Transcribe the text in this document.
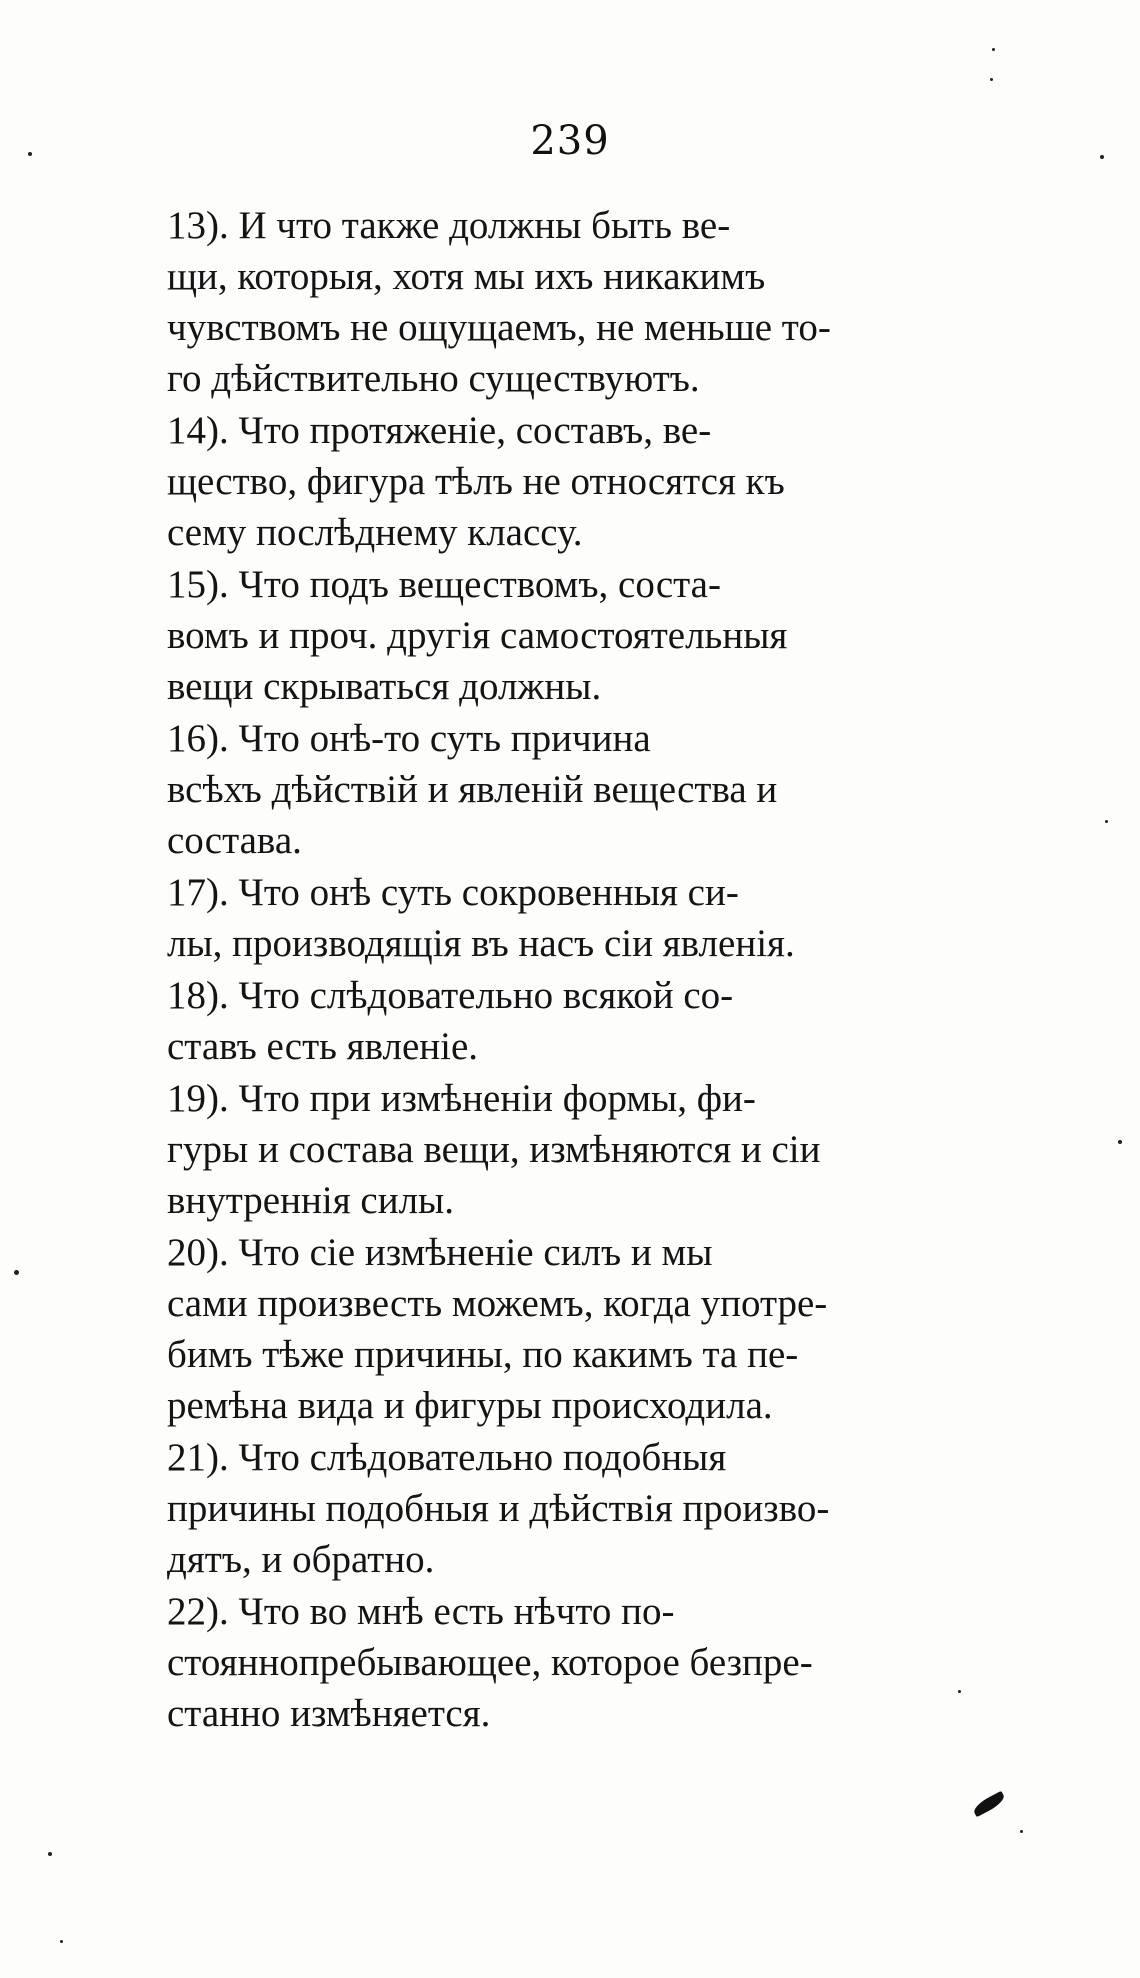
239

13). И что также должны быть ве-
щи, которыя, хотя мы ихъ никакимъ
чувствомъ не ощущаемъ, не меньше то-
го дѣйствительно существуютъ.

14). Что протяженіе, составъ, ве-
щество, фигура тѣлъ не относятся къ
сему послѣднему классу.

15). Что подъ веществомъ, соста-
вомъ и проч. другія самостоятельныя
вещи скрываться должны.

16). Что онѣ-то суть причина
всѣхъ дѣйствій и явленій вещества и
состава.

17). Что онѣ суть сокровенныя си-
лы, производящія въ насъ сіи явленія.

18). Что слѣдовательно всякой со-
ставъ есть явленіе.

19). Что при измѣненіи формы, фи-
гуры и состава вещи, измѣняются и сіи
внутреннія силы.

20). Что сіе измѣненіе силъ и мы
сами произвесть можемъ, когда употре-
бимъ тѣже причины, по какимъ та пе-
ремѣна вида и фигуры происходила.

21). Что слѣдовательно подобныя
причины подобныя и дѣйствія произво-
дятъ, и обратно.

22). Что во мнѣ есть нѣчто по-
стояннопребывающее, которое безпре-
станно измѣняется.
